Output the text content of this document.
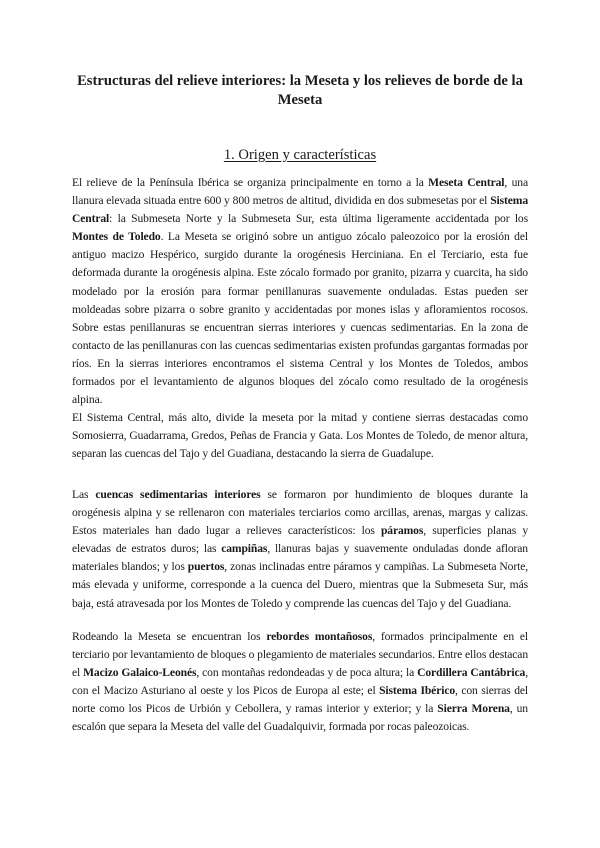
Estructuras del relieve interiores: la Meseta y los relieves de borde de la Meseta
1. Origen y características

El relieve de la Península Ibérica se organiza principalmente en torno a la Meseta Central, una llanura elevada situada entre 600 y 800 metros de altitud, dividida en dos submesetas por el Sistema Central: la Submeseta Norte y la Submeseta Sur, esta última ligeramente accidentada por los Montes de Toledo. La Meseta se originó sobre un antiguo zócalo paleozoico por la erosión del antiguo macizo Hespérico, surgido durante la orogénesis Herciniana. En el Terciario, esta fue deformada durante la orogénesis alpina. Este zócalo formado por granito, pizarra y cuarcita, ha sido modelado por la erosión para formar penillanuras suavemente onduladas. Estas pueden ser moldeadas sobre pizarra o sobre granito y accidentadas por mones islas y afloramientos rocosos. Sobre estas penillanuras se encuentran sierras interiores y cuencas sedimentarias. En la zona de contacto de las penillanuras con las cuencas sedimentarias existen profundas gargantas formadas por ríos. En la sierras interiores encontramos el sistema Central y los Montes de Toledos, ambos formados por el levantamiento de algunos bloques del zócalo como resultado de la orogénesis alpina.

El Sistema Central, más alto, divide la meseta por la mitad y contiene sierras destacadas como Somosierra, Guadarrama, Gredos, Peñas de Francia y Gata. Los Montes de Toledo, de menor altura, separan las cuencas del Tajo y del Guadiana, destacando la sierra de Guadalupe.

Las cuencas sedimentarias interiores se formaron por hundimiento de bloques durante la orogénesis alpina y se rellenaron con materiales terciarios como arcillas, arenas, margas y calizas. Estos materiales han dado lugar a relieves característicos: los páramos, superficies planas y elevadas de estratos duros; las campiñas, llanuras bajas y suavemente onduladas donde afloran materiales blandos; y los puertos, zonas inclinadas entre páramos y campiñas. La Submeseta Norte, más elevada y uniforme, corresponde a la cuenca del Duero, mientras que la Submeseta Sur, más baja, está atravesada por los Montes de Toledo y comprende las cuencas del Tajo y del Guadiana.

Rodeando la Meseta se encuentran los rebordes montañosos, formados principalmente en el terciario por levantamiento de bloques o plegamiento de materiales secundarios. Entre ellos destacan el Macizo Galaico-Leonés, con montañas redondeadas y de poca altura; la Cordillera Cantábrica, con el Macizo Asturiano al oeste y los Picos de Europa al este; el Sistema Ibérico, con sierras del norte como los Picos de Urbión y Cebollera, y ramas interior y exterior; y la Sierra Morena, un escalón que separa la Meseta del valle del Guadalquivir, formada por rocas paleozoicas.
